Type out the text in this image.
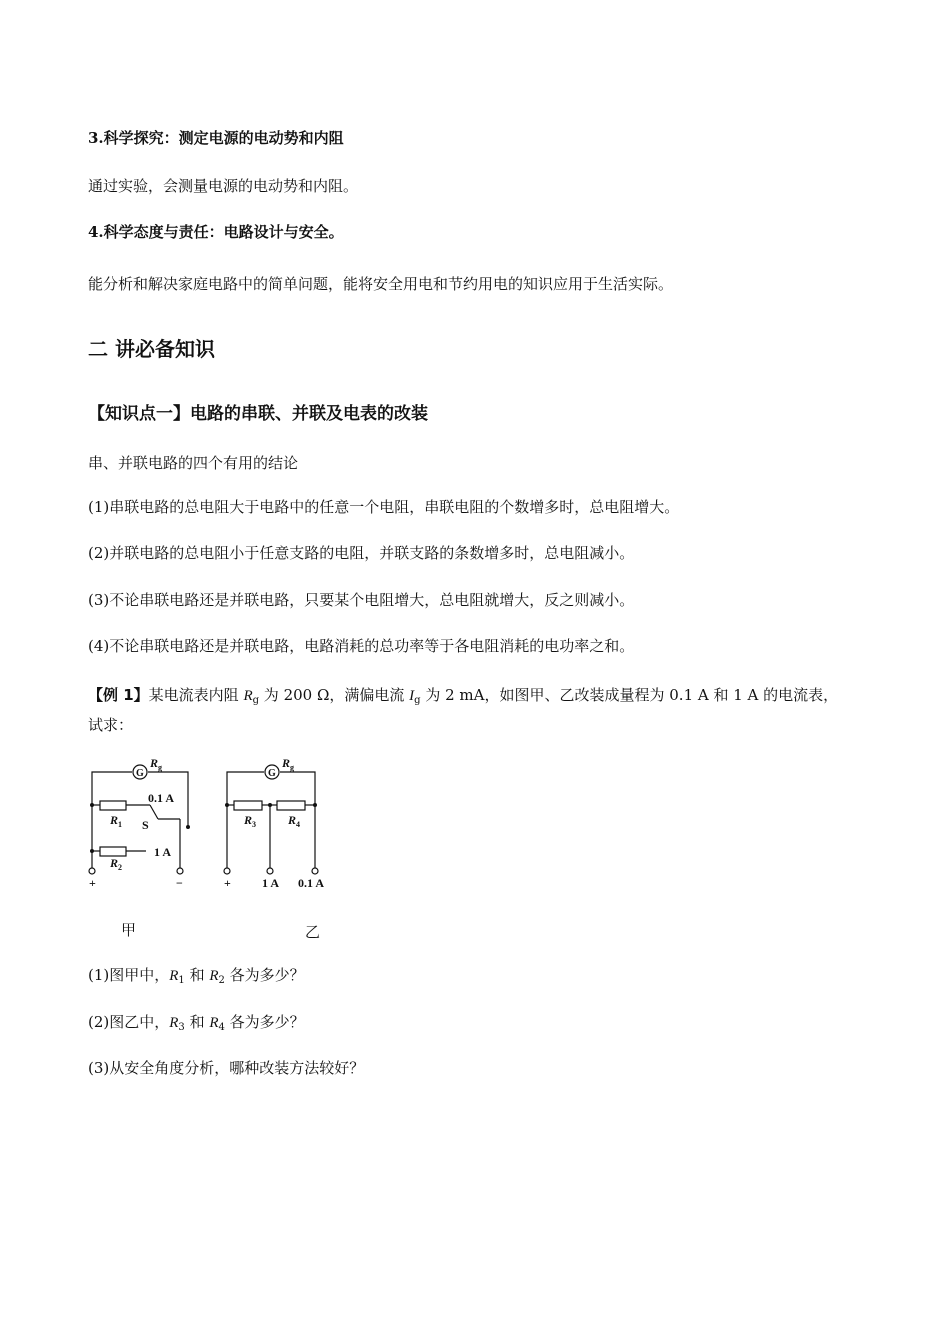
3.科学探究：测定电源的电动势和内阻
通过实验，会测量电源的电动势和内阻。
4.科学态度与责任：电路设计与安全。
能分析和解决家庭电路中的简单问题，能将安全用电和节约用电的知识应用于生活实际。
二 讲必备知识
【知识点一】电路的串联、并联及电表的改装
串、并联电路的四个有用的结论
(1)串联电路的总电阻大于电路中的任意一个电阻，串联电阻的个数增多时，总电阻增大。
(2)并联电路的总电阻小于任意支路的电阻，并联支路的条数增多时，总电阻减小。
(3)不论串联电路还是并联电路，只要某个电阻增大，总电阻就增大，反之则减小。
(4)不论串联电路还是并联电路，电路消耗的总功率等于各电阻消耗的电功率之和。
【例 1】某电流表内阻 $R_g$ 为 200 Ω，满偏电流 $I_g$ 为 2 mA，如图甲、乙改装成量程为 0.1 A 和 1 A 的电流表，
试求：
G
$R_g$
$R_1$
$R_2$
S
0.1 A
1 A
+	−
G
$R_g$
$R_3$	$R_4$
+	1 A 0.1 A
甲	乙
(1)图甲中，$R_1$ 和 $R_2$ 各为多少？
(2)图乙中，$R_3$ 和 $R_4$ 各为多少？
(3)从安全角度分析，哪种改装方法较好？
